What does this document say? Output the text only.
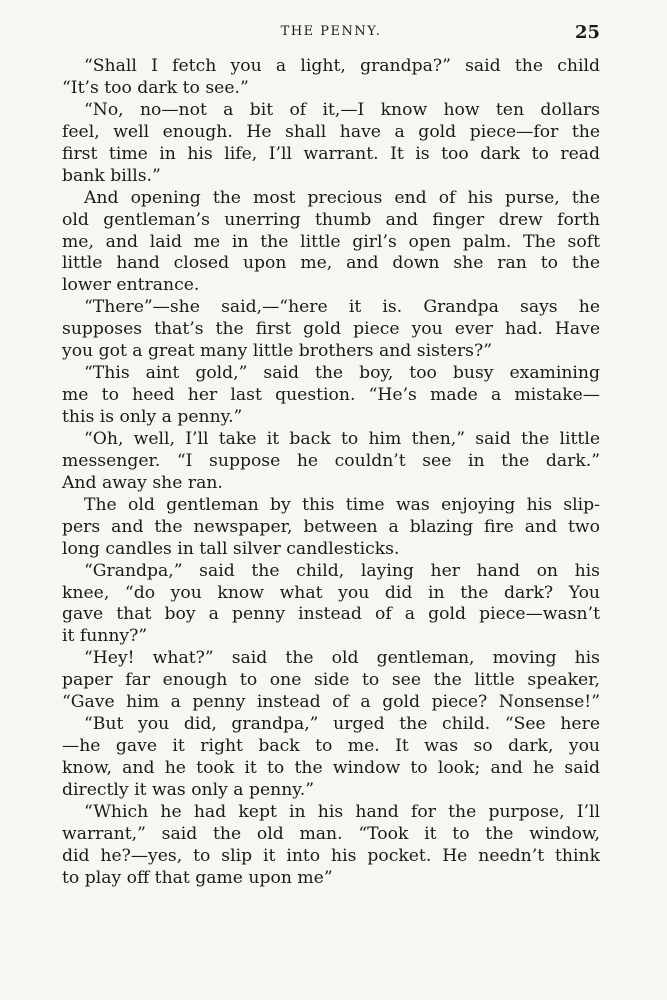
THE PENNY.	25
“Shall I fetch you a light, grandpa?” said the child
“It’s too dark to see.”
“No, no—not a bit of it,—I know how ten dollars
feel, well enough. He shall have a gold piece—for the
first time in his life, I’ll warrant. It is too dark to read
bank bills.”
And opening the most precious end of his purse, the
old gentleman’s unerring thumb and finger drew forth
me, and laid me in the little girl’s open palm. The soft
little hand closed upon me, and down she ran to the
lower entrance.
“There”—she said,—“here it is. Grandpa says he
supposes that’s the first gold piece you ever had. Have
you got a great many little brothers and sisters?”
“This aint gold,” said the boy, too busy examining
me to heed her last question. “He’s made a mistake—
this is only a penny.”
“Oh, well, I’ll take it back to him then,” said the little
messenger. “I suppose he couldn’t see in the dark.”
And away she ran.
The old gentleman by this time was enjoying his slip-
pers and the newspaper, between a blazing fire and two
long candles in tall silver candlesticks.
“Grandpa,” said the child, laying her hand on his
knee, “do you know what you did in the dark? You
gave that boy a penny instead of a gold piece—wasn’t
it funny?”
“Hey! what?” said the old gentleman, moving his
paper far enough to one side to see the little speaker,
“Gave him a penny instead of a gold piece? Nonsense!”
“But you did, grandpa,” urged the child. “See here
—he gave it right back to me. It was so dark, you
know, and he took it to the window to look; and he said
directly it was only a penny.”
“Which he had kept in his hand for the purpose, I’ll
warrant,” said the old man. “Took it to the window,
did he?—yes, to slip it into his pocket. He needn’t think
to play off that game upon me”
